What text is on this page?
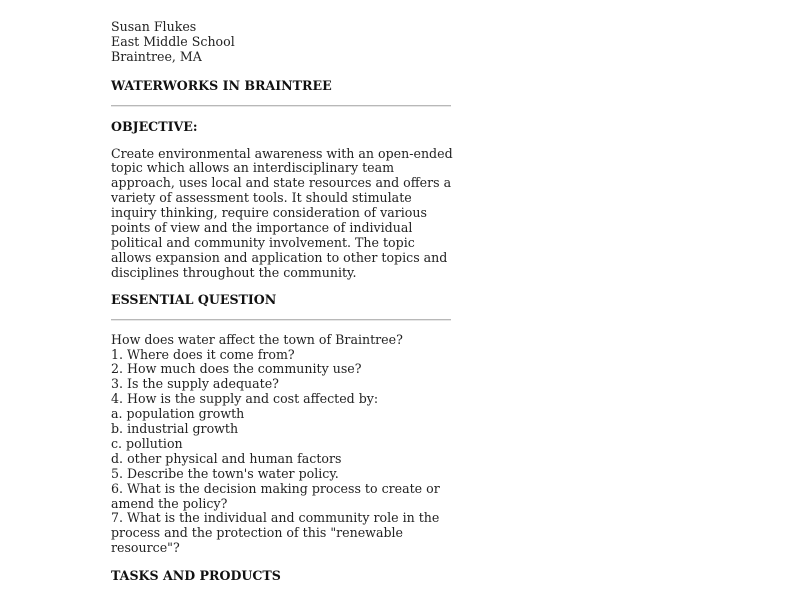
Susan Flukes
East Middle School
Braintree, MA
WATERWORKS IN BRAINTREE
OBJECTIVE:
Create environmental awareness with an open-ended
topic which allows an interdisciplinary team
approach, uses local and state resources and offers a
variety of assessment tools. It should stimulate
inquiry thinking, require consideration of various
points of view and the importance of individual
political and community involvement. The topic
allows expansion and application to other topics and
disciplines throughout the community.
ESSENTIAL QUESTION
How does water affect the town of Braintree?
1. Where does it come from?
2. How much does the community use?
3. Is the supply adequate?
4. How is the supply and cost affected by:
a. population growth
b. industrial growth
c. pollution
d. other physical and human factors
5. Describe the town's water policy.
6. What is the decision making process to create or
amend the policy?
7. What is the individual and community role in the
process and the protection of this "renewable
resource"?
TASKS AND PRODUCTS
